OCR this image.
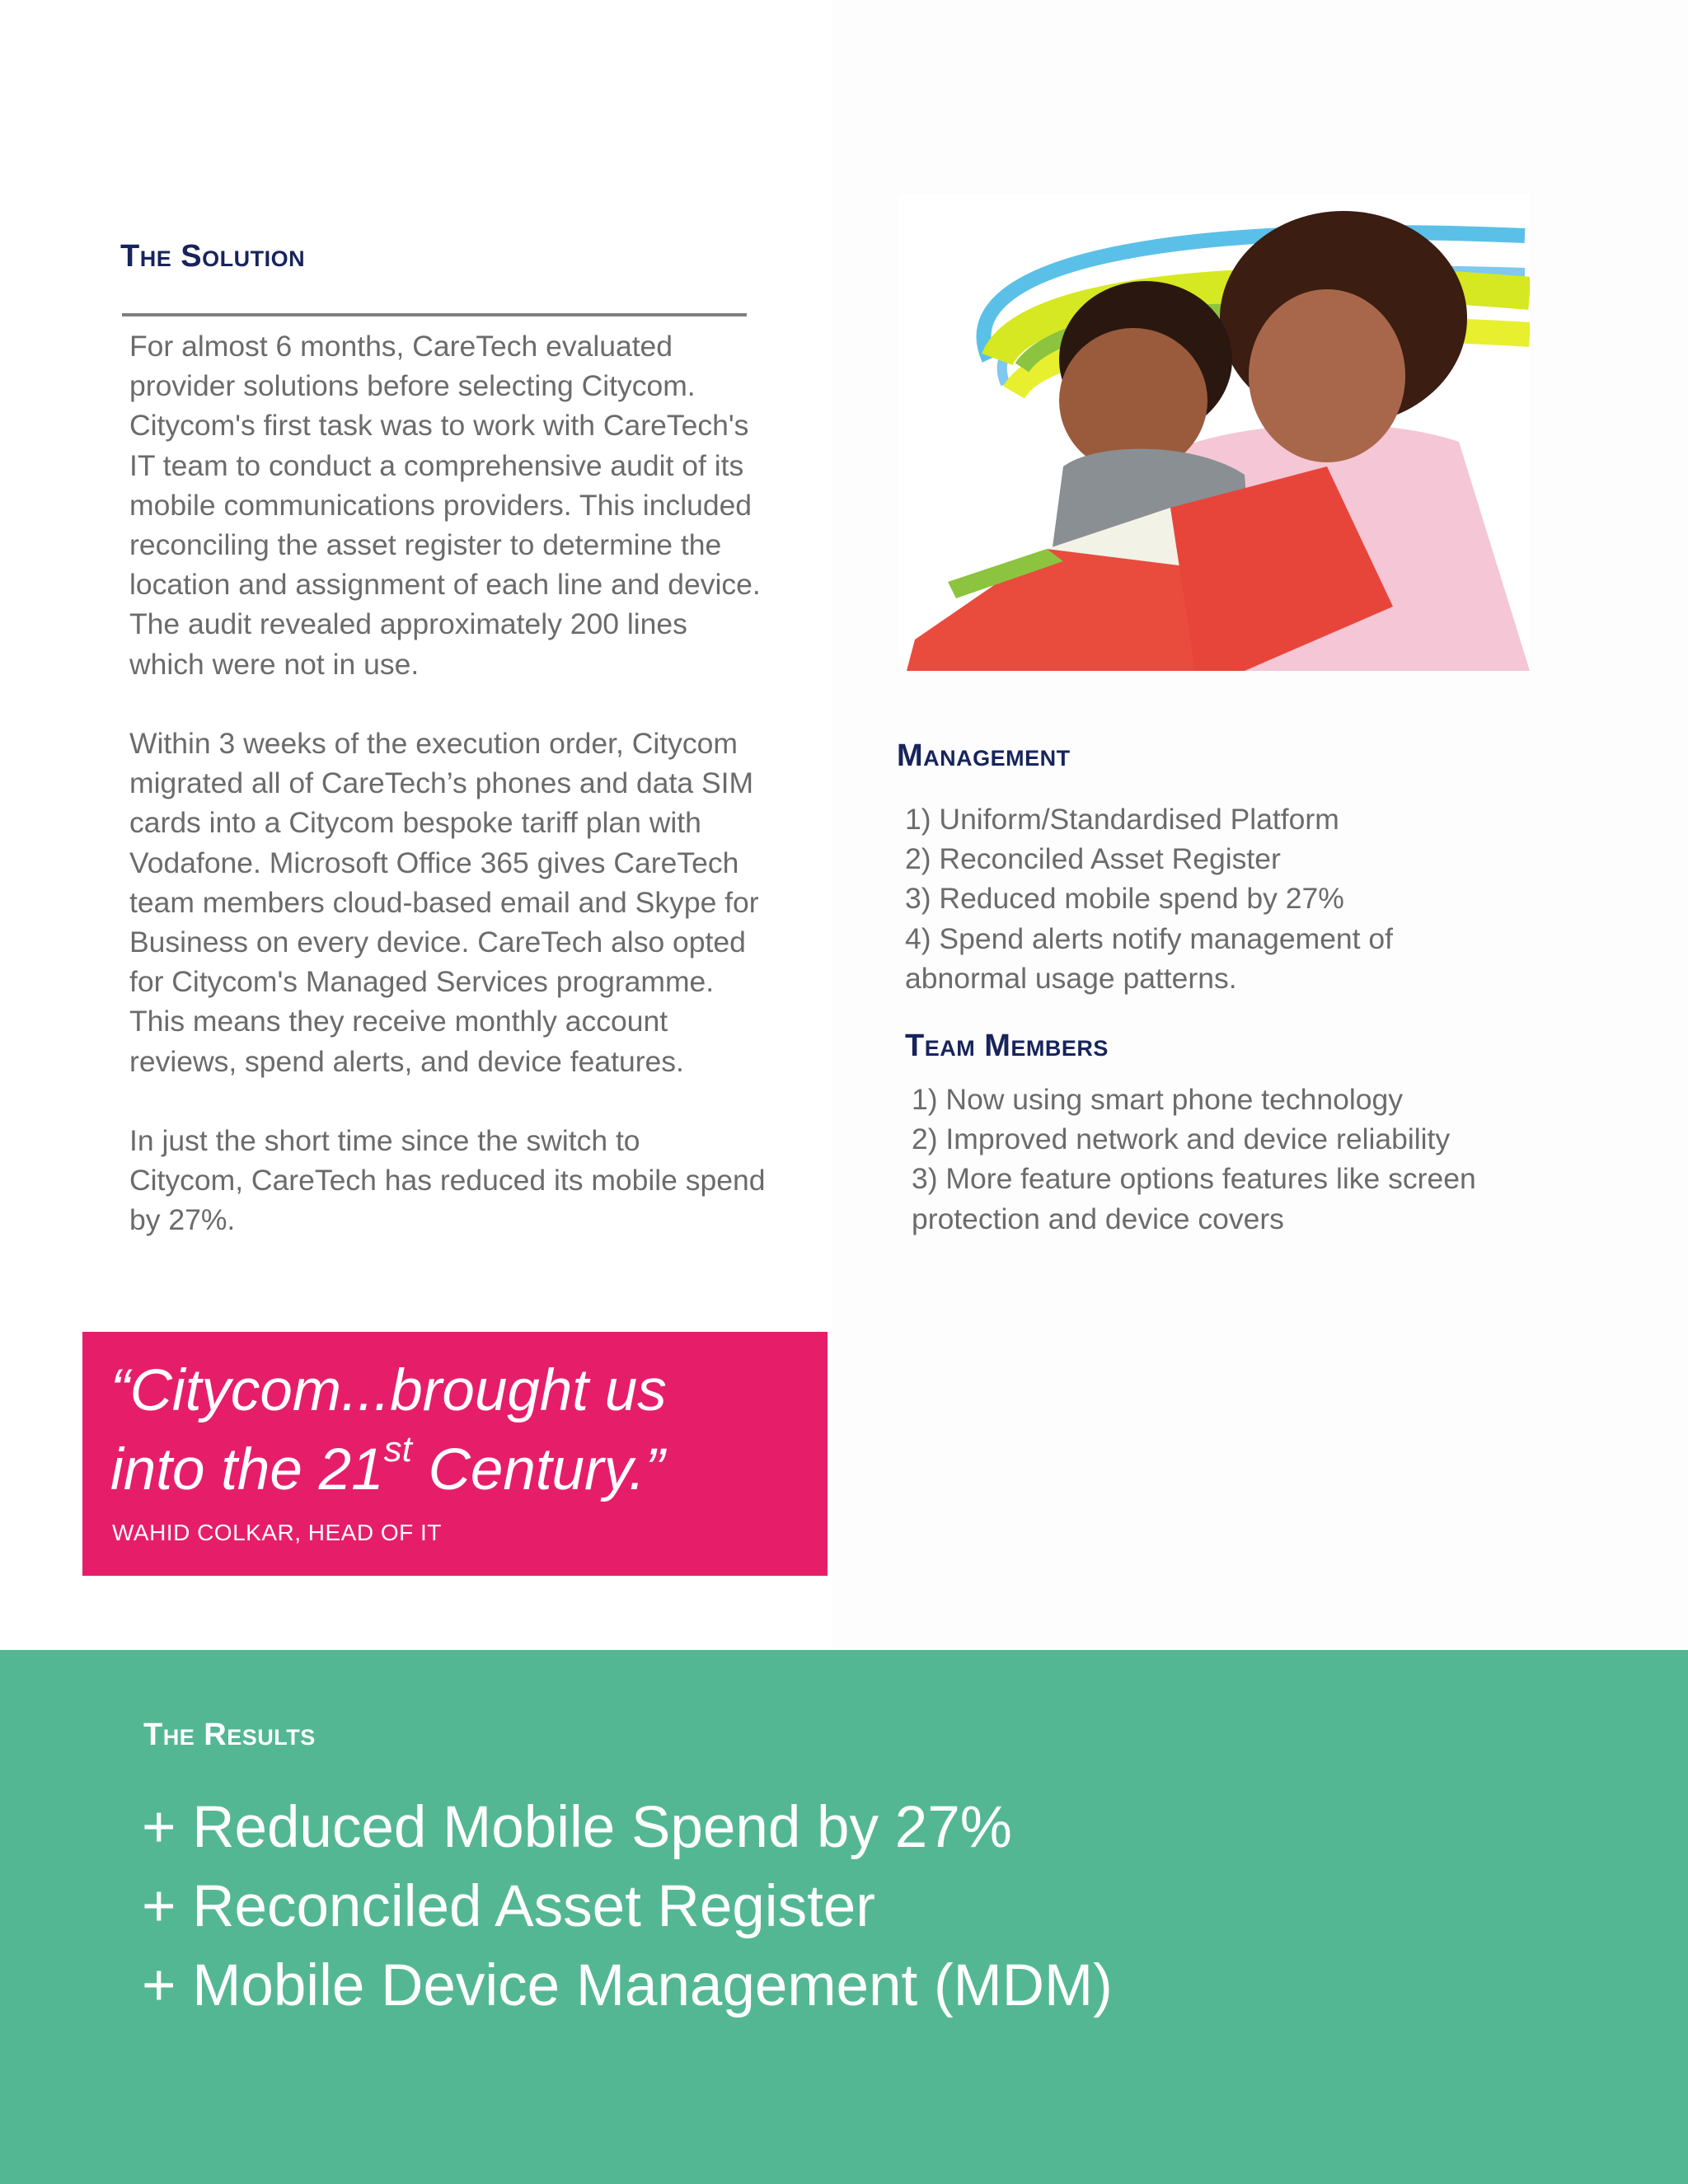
The Solution
For almost 6 months, CareTech evaluated
provider solutions before selecting Citycom.
Citycom's first task was to work with CareTech's
IT team to conduct a comprehensive audit of its
mobile communications providers. This included
reconciling the asset register to determine the
location and assignment of each line and device.
The audit revealed approximately 200 lines
which were not in use.
Within 3 weeks of the execution order, Citycom
migrated all of CareTech’s phones and data SIM
cards into a Citycom bespoke tariff plan with
Vodafone. Microsoft Office 365 gives CareTech
team members cloud-based email and Skype for
Business on every device. CareTech also opted
for Citycom's Managed Services programme.
This means they receive monthly account
reviews, spend alerts, and device features.
In just the short time since the switch to
Citycom, CareTech has reduced its mobile spend
by 27%.
Management
1) Uniform/Standardised Platform
2) Reconciled Asset Register
3) Reduced mobile spend by 27%
4) Spend alerts notify management of
abnormal usage patterns.
Team Members
1) Now using smart phone technology
2) Improved network and device reliability
3) More feature options features like screen
protection and device covers
“Citycom...brought us
into the 21st Century.”
WAHID COLKAR, HEAD OF IT
The Results
+ Reduced Mobile Spend by 27%
+ Reconciled Asset Register
+ Mobile Device Management (MDM)
